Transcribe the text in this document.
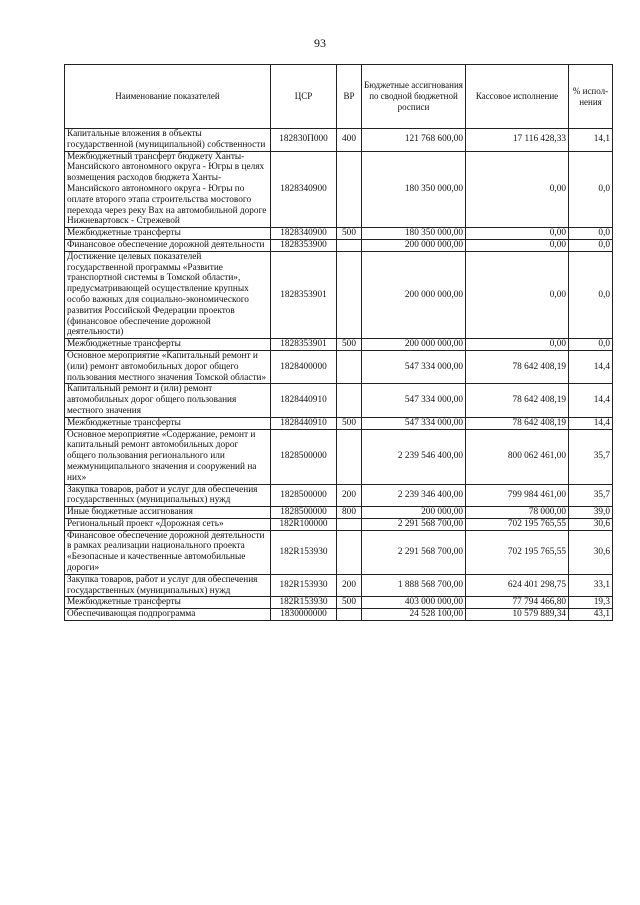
93
Наименование показателей	ЦСР	ВР	Бюджетные ассигнования по сводной бюджетной росписи	Кассовое исполнение	% испол-нения
Капитальные вложения в объекты государственной (муниципальной) собственности	182830П000	400	121 768 600,00	17 116 428,33	14,1
Межбюджетный трансферт бюджету Ханты-Мансийского автономного округа - Югры в целях возмещения расходов бюджета Ханты-Мансийского автономного округа - Югры по оплате второго этапа строительства мостового перехода через реку Вах на автомобильной дороге Нижневартовск - Стрежевой	1828340900		180 350 000,00	0,00	0,0
Межбюджетные трансферты	1828340900	500	180 350 000,00	0,00	0,0
Финансовое обеспечение дорожной деятельности	1828353900		200 000 000,00	0,00	0,0
Достижение целевых показателей государственной программы «Развитие транспортной системы в Томской области», предусматривающей осуществление крупных особо важных для социально-экономического развития Российской Федерации проектов (финансовое обеспечение дорожной деятельности)	1828353901		200 000 000,00	0,00	0,0
Межбюджетные трансферты	1828353901	500	200 000 000,00	0,00	0,0
Основное мероприятие «Капитальный ремонт и (или) ремонт автомобильных дорог общего пользования местного значения Томской области»	1828400000		547 334 000,00	78 642 408,19	14,4
Капитальный ремонт и (или) ремонт автомобильных дорог общего пользования местного значения	1828440910		547 334 000,00	78 642 408,19	14,4
Межбюджетные трансферты	1828440910	500	547 334 000,00	78 642 408,19	14,4
Основное мероприятие «Содержание, ремонт и капитальный ремонт автомобильных дорог общего пользования регионального или межмуниципального значения и сооружений на них»	1828500000		2 239 546 400,00	800 062 461,00	35,7
Закупка товаров, работ и услуг для обеспечения государственных (муниципальных) нужд	1828500000	200	2 239 346 400,00	799 984 461,00	35,7
Иные бюджетные ассигнования	1828500000	800	200 000,00	78 000,00	39,0
Региональный проект «Дорожная сеть»	182R100000		2 291 568 700,00	702 195 765,55	30,6
Финансовое обеспечение дорожной деятельности в рамках реализации национального проекта «Безопасные и качественные автомобильные дороги»	182R153930		2 291 568 700,00	702 195 765,55	30,6
Закупка товаров, работ и услуг для обеспечения государственных (муниципальных) нужд	182R153930	200	1 888 568 700,00	624 401 298,75	33,1
Межбюджетные трансферты	182R153930	500	403 000 000,00	77 794 466,80	19,3
Обеспечивающая подпрограмма	1830000000		24 528 100,00	10 579 889,34	43,1
